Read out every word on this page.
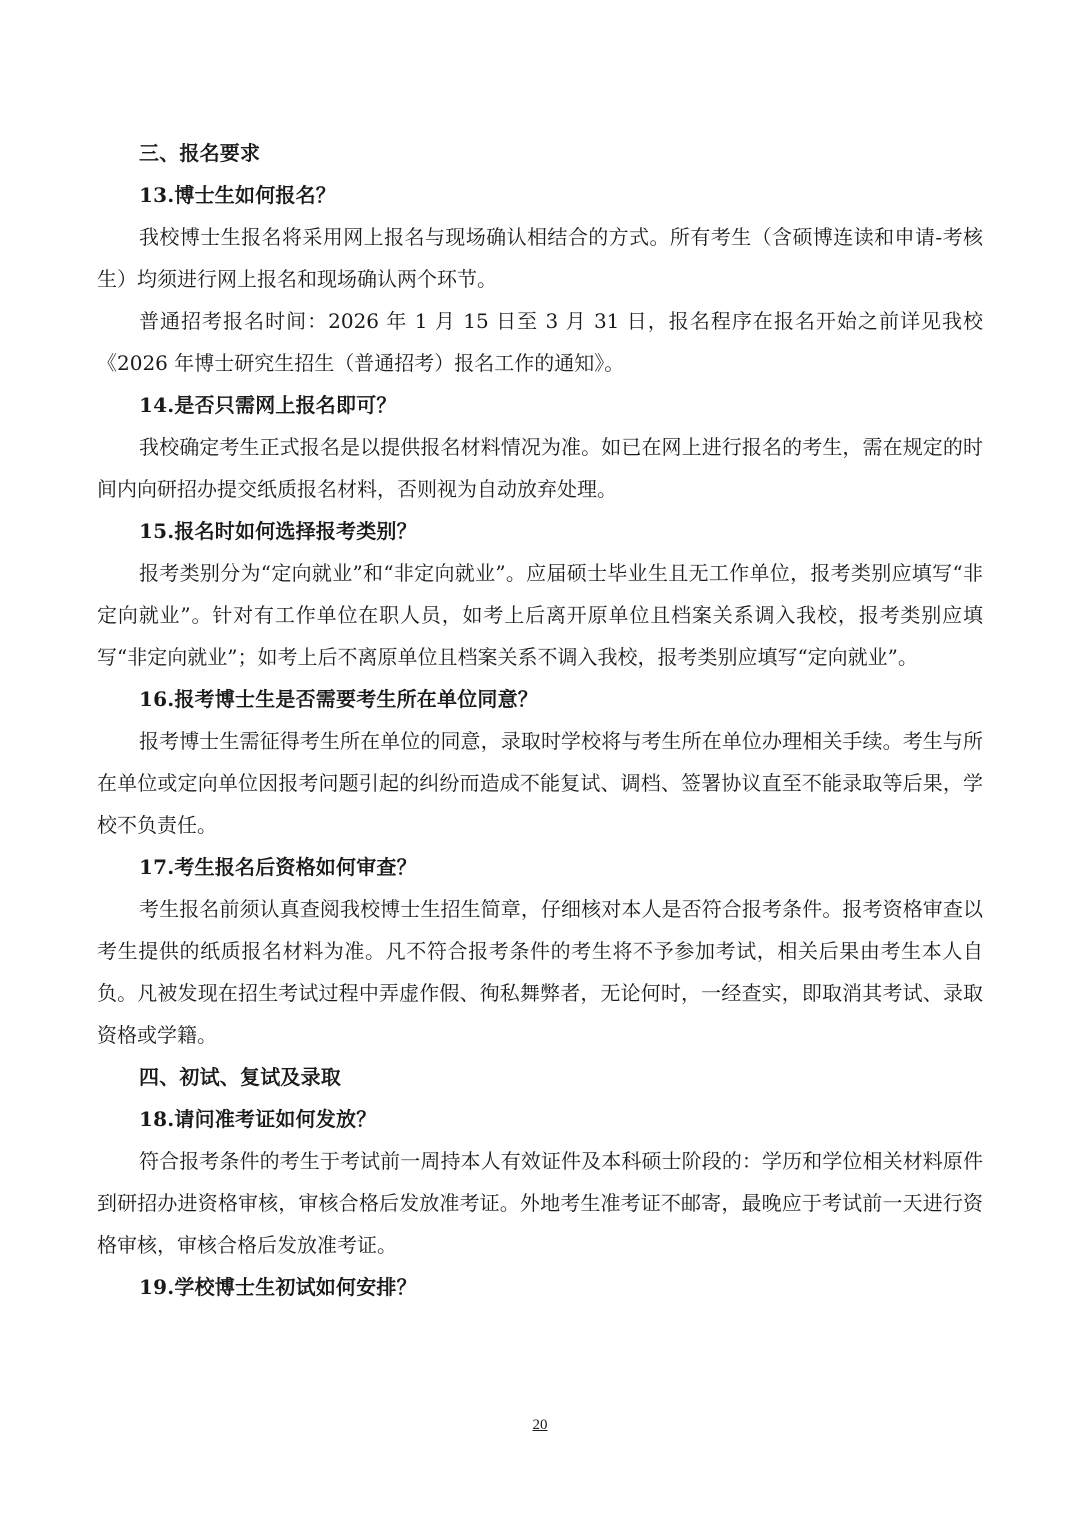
三、报名要求

13.博士生如何报名？

我校博士生报名将采用网上报名与现场确认相结合的方式。所有考生（含硕博连读和申请-考核生）均须进行网上报名和现场确认两个环节。

普通招考报名时间：2026 年 1 月 15 日至 3 月 31 日，报名程序在报名开始之前详见我校《2026 年博士研究生招生（普通招考）报名工作的通知》。

14.是否只需网上报名即可？

我校确定考生正式报名是以提供报名材料情况为准。如已在网上进行报名的考生，需在规定的时间内向研招办提交纸质报名材料，否则视为自动放弃处理。

15.报名时如何选择报考类别？

报考类别分为“定向就业”和“非定向就业”。应届硕士毕业生且无工作单位，报考类别应填写“非定向就业”。针对有工作单位在职人员，如考上后离开原单位且档案关系调入我校，报考类别应填写“非定向就业”；如考上后不离原单位且档案关系不调入我校，报考类别应填写“定向就业”。

16.报考博士生是否需要考生所在单位同意？

报考博士生需征得考生所在单位的同意，录取时学校将与考生所在单位办理相关手续。考生与所在单位或定向单位因报考问题引起的纠纷而造成不能复试、调档、签署协议直至不能录取等后果，学校不负责任。

17.考生报名后资格如何审查？

考生报名前须认真查阅我校博士生招生简章，仔细核对本人是否符合报考条件。报考资格审查以考生提供的纸质报名材料为准。凡不符合报考条件的考生将不予参加考试，相关后果由考生本人自负。凡被发现在招生考试过程中弄虚作假、徇私舞弊者，无论何时，一经查实，即取消其考试、录取资格或学籍。

四、初试、复试及录取

18.请问准考证如何发放？

符合报考条件的考生于考试前一周持本人有效证件及本科硕士阶段的：学历和学位相关材料原件到研招办进资格审核，审核合格后发放准考证。外地考生准考证不邮寄，最晚应于考试前一天进行资格审核，审核合格后发放准考证。

19.学校博士生初试如何安排？

20
